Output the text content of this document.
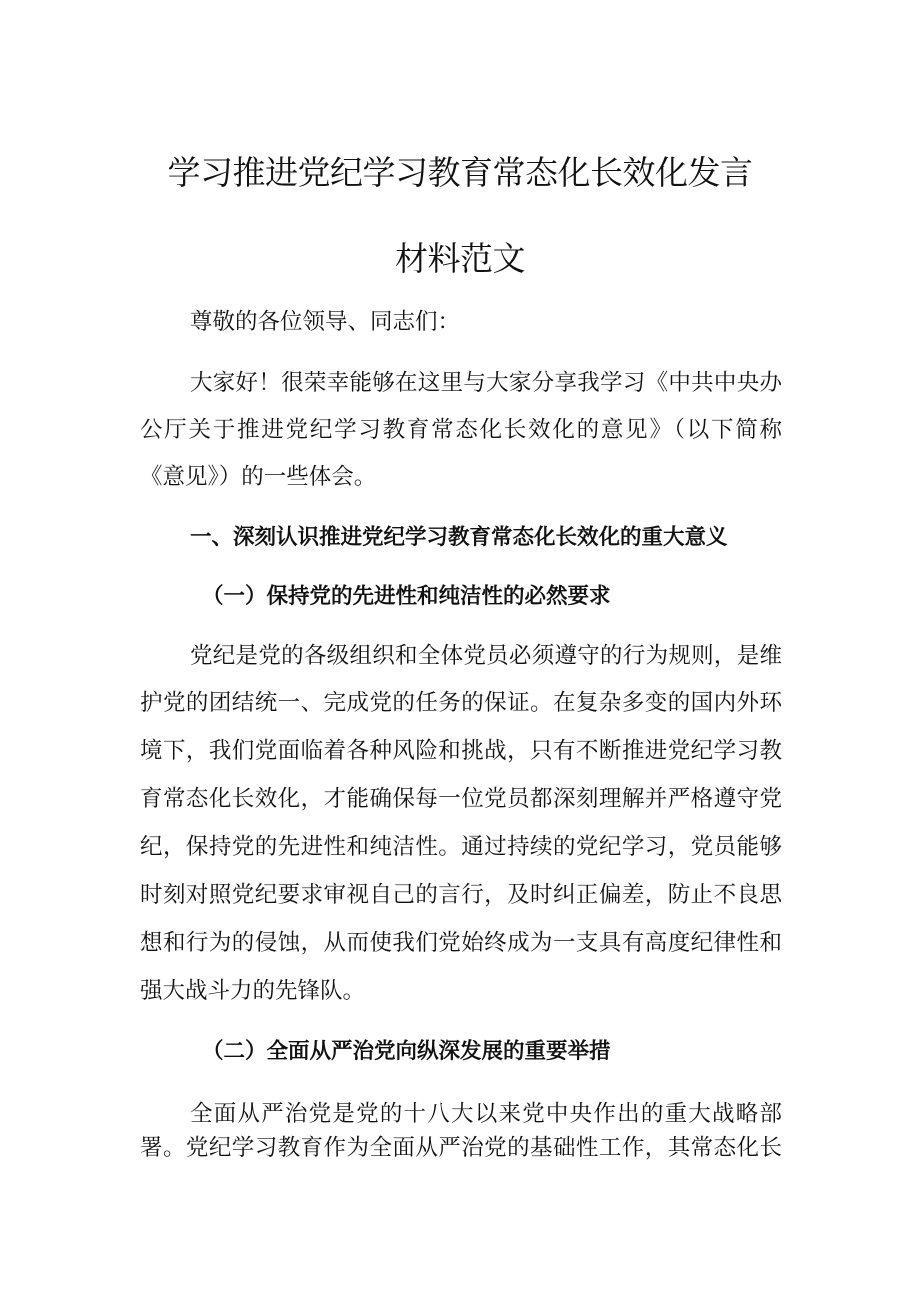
学习推进党纪学习教育常态化长效化发言
材料范文

尊敬的各位领导、同志们：

大家好！很荣幸能够在这里与大家分享我学习《中共中央办

公厅关于推进党纪学习教育常态化长效化的意见》（以下简称

《意见》）的一些体会。

一、深刻认识推进党纪学习教育常态化长效化的重大意义
（一）保持党的先进性和纯洁性的必然要求

党纪是党的各级组织和全体党员必须遵守的行为规则，是维

护党的团结统一、完成党的任务的保证。在复杂多变的国内外环

境下，我们党面临着各种风险和挑战，只有不断推进党纪学习教

育常态化长效化，才能确保每一位党员都深刻理解并严格遵守党

纪，保持党的先进性和纯洁性。通过持续的党纪学习，党员能够

时刻对照党纪要求审视自己的言行，及时纠正偏差，防止不良思

想和行为的侵蚀，从而使我们党始终成为一支具有高度纪律性和

强大战斗力的先锋队。

（二）全面从严治党向纵深发展的重要举措

全面从严治党是党的十八大以来党中央作出的重大战略部

署。党纪学习教育作为全面从严治党的基础性工作，其常态化长
